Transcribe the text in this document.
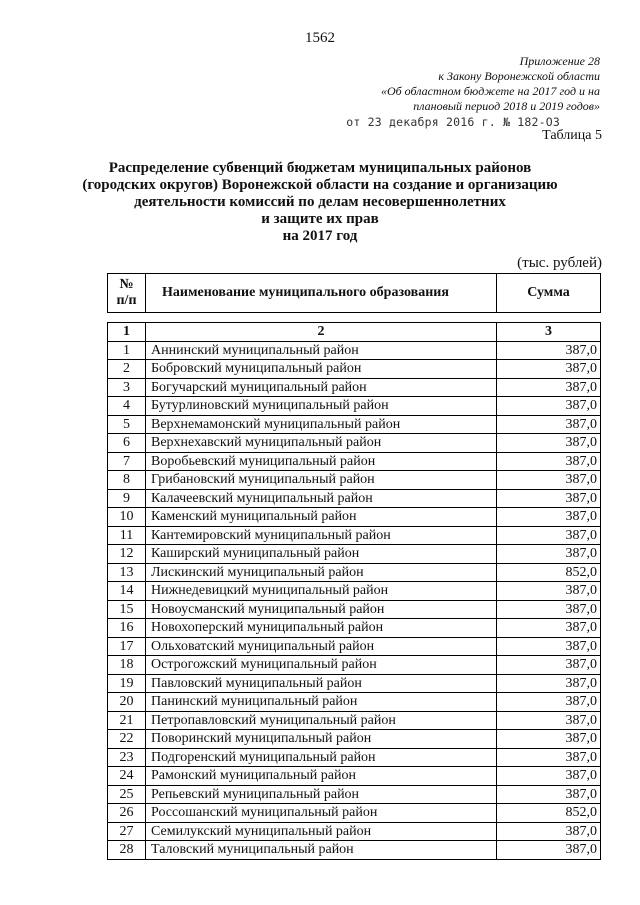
1562
Приложение 28
к Закону Воронежской области
«Об областном бюджете на 2017 год и на
плановый период 2018 и 2019 годов»
от 23 декабря 2016 г. № 182-ОЗ
Таблица 5
Распределение субвенций бюджетам муниципальных районов
(городских округов) Воронежской области на создание и организацию
деятельности комиссий по делам несовершеннолетних
и защите их прав
на 2017 год
(тыс. рублей)
№
п/п	Наименование муниципального образования	Сумма
1	2	3
1	Аннинский муниципальный район	387,0
2	Бобровский муниципальный район	387,0
3	Богучарский муниципальный район	387,0
4	Бутурлиновский муниципальный район	387,0
5	Верхнемамонский муниципальный район	387,0
6	Верхнехавский муниципальный район	387,0
7	Воробьевский муниципальный район	387,0
8	Грибановский муниципальный район	387,0
9	Калачеевский муниципальный район	387,0
10	Каменский муниципальный район	387,0
11	Кантемировский муниципальный район	387,0
12	Каширский муниципальный район	387,0
13	Лискинский муниципальный район	852,0
14	Нижнедевицкий муниципальный район	387,0
15	Новоусманский муниципальный район	387,0
16	Новохоперский муниципальный район	387,0
17	Ольховатский муниципальный район	387,0
18	Острогожский муниципальный район	387,0
19	Павловский муниципальный район	387,0
20	Панинский муниципальный район	387,0
21	Петропавловский муниципальный район	387,0
22	Поворинский муниципальный район	387,0
23	Подгоренский муниципальный район	387,0
24	Рамонский муниципальный район	387,0
25	Репьевский муниципальный район	387,0
26	Россошанский муниципальный район	852,0
27	Семилукский муниципальный район	387,0
28	Таловский муниципальный район	387,0
